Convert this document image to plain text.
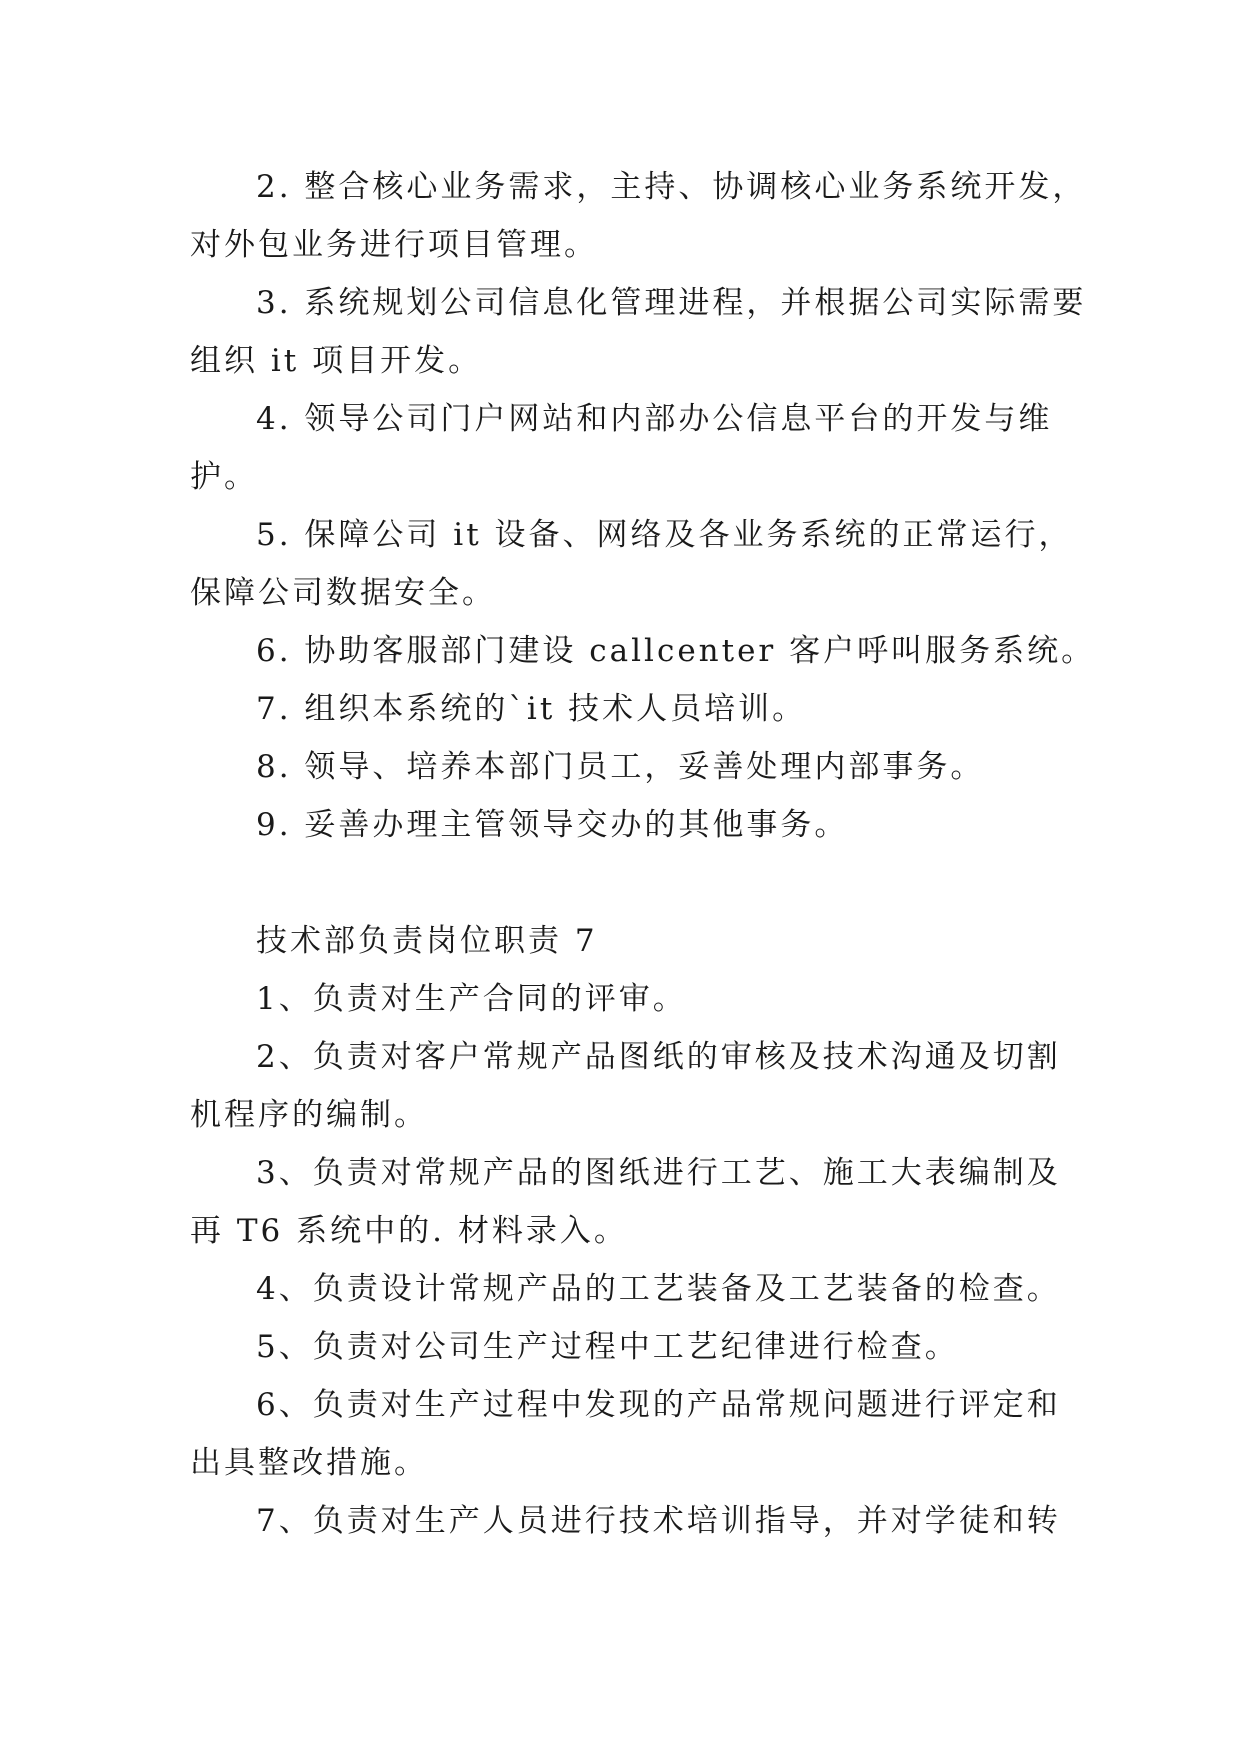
2. 整合核心业务需求，主持、协调核心业务系统开发，
对外包业务进行项目管理。
3. 系统规划公司信息化管理进程，并根据公司实际需要
组织 it 项目开发。
4. 领导公司门户网站和内部办公信息平台的开发与维
护。
5. 保障公司 it 设备、网络及各业务系统的正常运行，
保障公司数据安全。
6. 协助客服部门建设 callcenter 客户呼叫服务系统。
7. 组织本系统的`it 技术人员培训。
8. 领导、培养本部门员工，妥善处理内部事务。
9. 妥善办理主管领导交办的其他事务。
技术部负责岗位职责 7
1、负责对生产合同的评审。
2、负责对客户常规产品图纸的审核及技术沟通及切割
机程序的编制。
3、负责对常规产品的图纸进行工艺、施工大表编制及
再 T6 系统中的. 材料录入。
4、负责设计常规产品的工艺装备及工艺装备的检查。
5、负责对公司生产过程中工艺纪律进行检查。
6、负责对生产过程中发现的产品常规问题进行评定和
出具整改措施。
7、负责对生产人员进行技术培训指导，并对学徒和转
